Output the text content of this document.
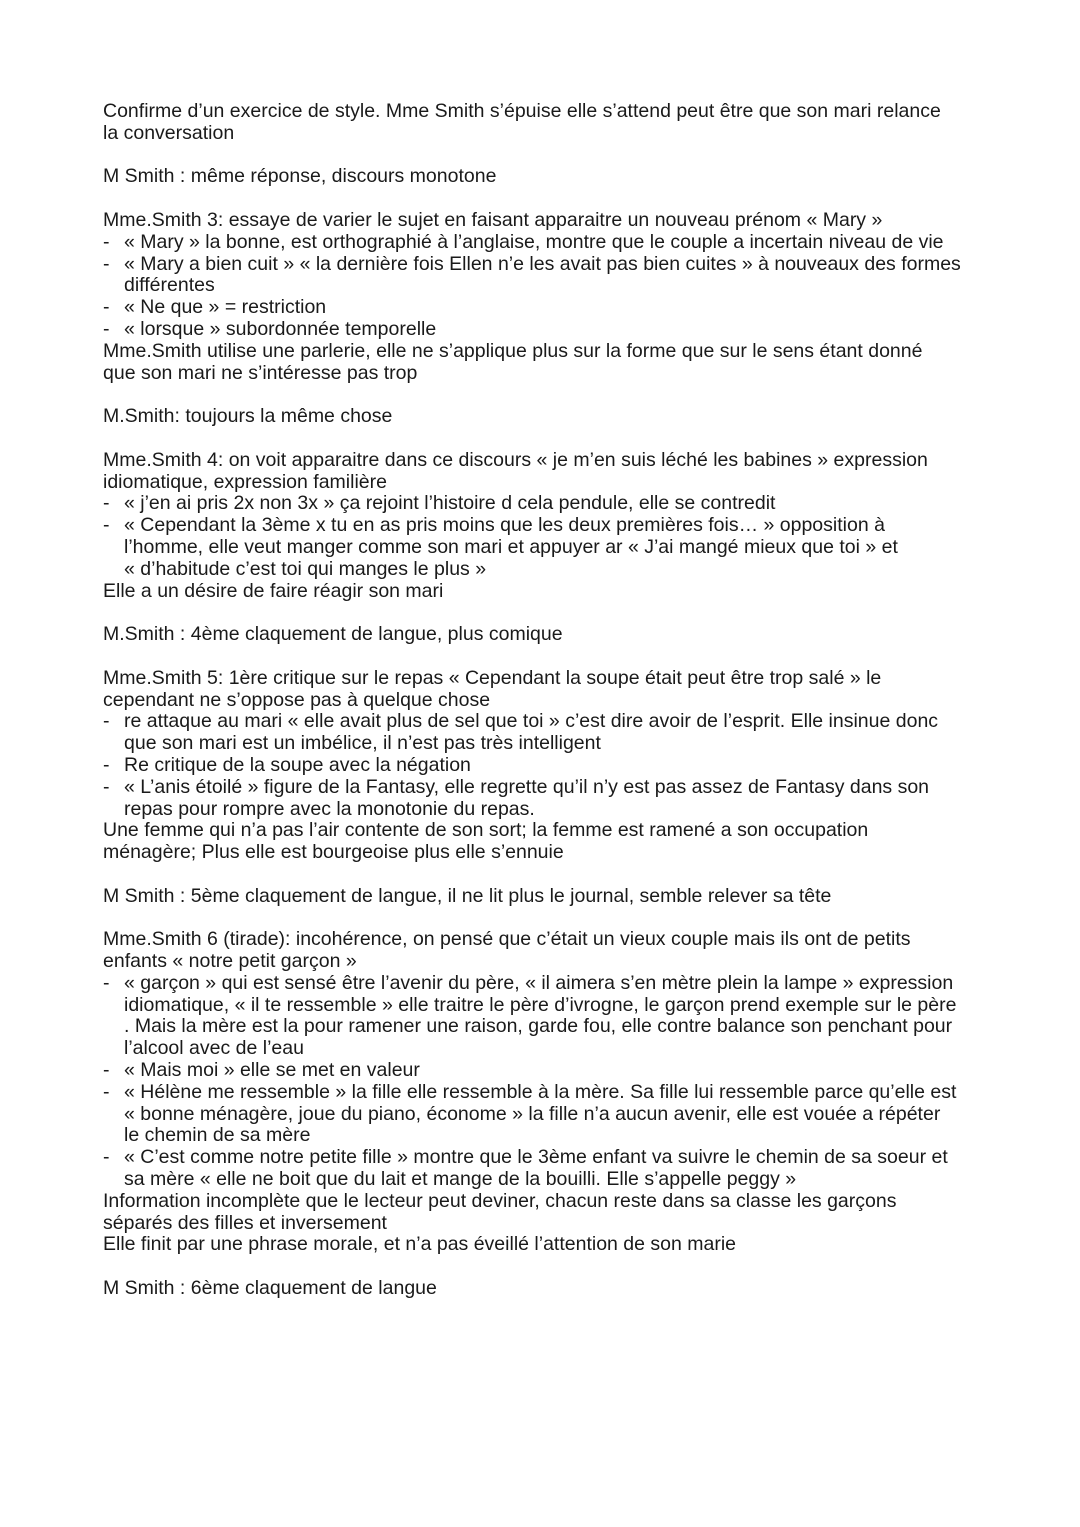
Confirme d’un exercice de style. Mme Smith s’épuise elle s’attend peut être que son mari relance
la conversation
M Smith : même réponse, discours monotone
Mme.Smith 3: essaye de varier le sujet en faisant apparaitre un nouveau prénom « Mary »
- « Mary » la bonne, est orthographié à l’anglaise, montre que le couple a incertain niveau de vie
- « Mary a bien cuit » « la dernière fois Ellen n’e les avait pas bien cuites » à nouveaux des formes
différentes
- « Ne que » = restriction
- « lorsque » subordonnée temporelle
Mme.Smith utilise une parlerie, elle ne s’applique plus sur la forme que sur le sens étant donné
que son mari ne s’intéresse pas trop
M.Smith: toujours la même chose
Mme.Smith 4: on voit apparaitre dans ce discours « je m’en suis léché les babines » expression
idiomatique, expression familière
- « j’en ai pris 2x non 3x » ça rejoint l’histoire d cela pendule, elle se contredit
- « Cependant la 3ème x tu en as pris moins que les deux premières fois… » opposition à
l’homme, elle veut manger comme son mari et appuyer ar « J’ai mangé mieux que toi » et
« d’habitude c’est toi qui manges le plus »
Elle a un désire de faire réagir son mari
M.Smith : 4ème claquement de langue, plus comique
Mme.Smith 5: 1ère critique sur le repas « Cependant la soupe était peut être trop salé » le
cependant ne s’oppose pas à quelque chose
- re attaque au mari « elle avait plus de sel que toi » c’est dire avoir de l’esprit. Elle insinue donc
que son mari est un imbélice, il n’est pas très intelligent
- Re critique de la soupe avec la négation
- « L’anis étoilé » figure de la Fantasy, elle regrette qu’il n’y est pas assez de Fantasy dans son
repas pour rompre avec la monotonie du repas.
Une femme qui n’a pas l’air contente de son sort; la femme est ramené a son occupation
ménagère; Plus elle est bourgeoise plus elle s’ennuie
M Smith : 5ème claquement de langue, il ne lit plus le journal, semble relever sa tête
Mme.Smith 6 (tirade): incohérence, on pensé que c’était un vieux couple mais ils ont de petits
enfants « notre petit garçon »
- « garçon » qui est sensé être l’avenir du père, « il aimera s’en mètre plein la lampe » expression
idiomatique, « il te ressemble » elle traitre le père d’ivrogne, le garçon prend exemple sur le père
. Mais la mère est la pour ramener une raison, garde fou, elle contre balance son penchant pour
l’alcool avec de l’eau
- « Mais moi » elle se met en valeur
- « Hélène me ressemble » la fille elle ressemble à la mère. Sa fille lui ressemble parce qu’elle est
« bonne ménagère, joue du piano, économe » la fille n’a aucun avenir, elle est vouée a répéter
le chemin de sa mère
- « C’est comme notre petite fille » montre que le 3ème enfant va suivre le chemin de sa soeur et
sa mère « elle ne boit que du lait et mange de la bouilli. Elle s’appelle peggy »
Information incomplète que le lecteur peut deviner, chacun reste dans sa classe les garçons
séparés des filles et inversement
Elle finit par une phrase morale, et n’a pas éveillé l’attention de son marie
M Smith : 6ème claquement de langue
